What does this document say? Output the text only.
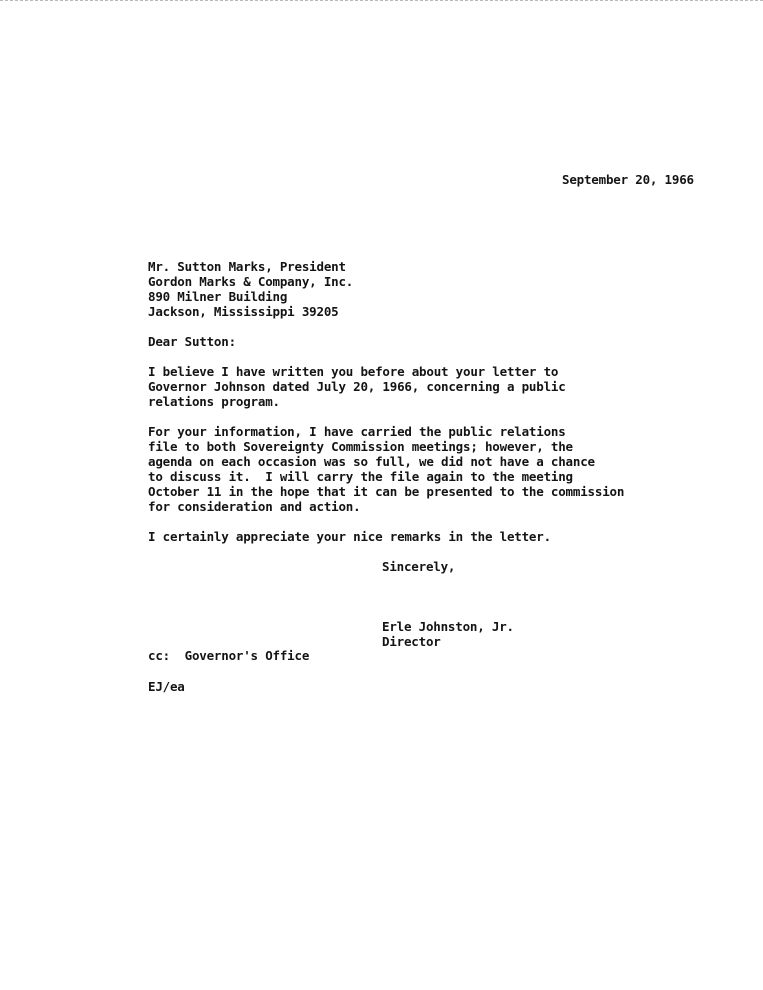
September 20, 1966
Mr. Sutton Marks, President
Gordon Marks & Company, Inc.
890 Milner Building
Jackson, Mississippi 39205
Dear Sutton:
I believe I have written you before about your letter to
Governor Johnson dated July 20, 1966, concerning a public
relations program.
For your information, I have carried the public relations
file to both Sovereignty Commission meetings; however, the
agenda on each occasion was so full, we did not have a chance
to discuss it.  I will carry the file again to the meeting
October 11 in the hope that it can be presented to the commission
for consideration and action.
I certainly appreciate your nice remarks in the letter.
Sincerely,
Erle Johnston, Jr.
Director
cc:  Governor's Office
EJ/ea
